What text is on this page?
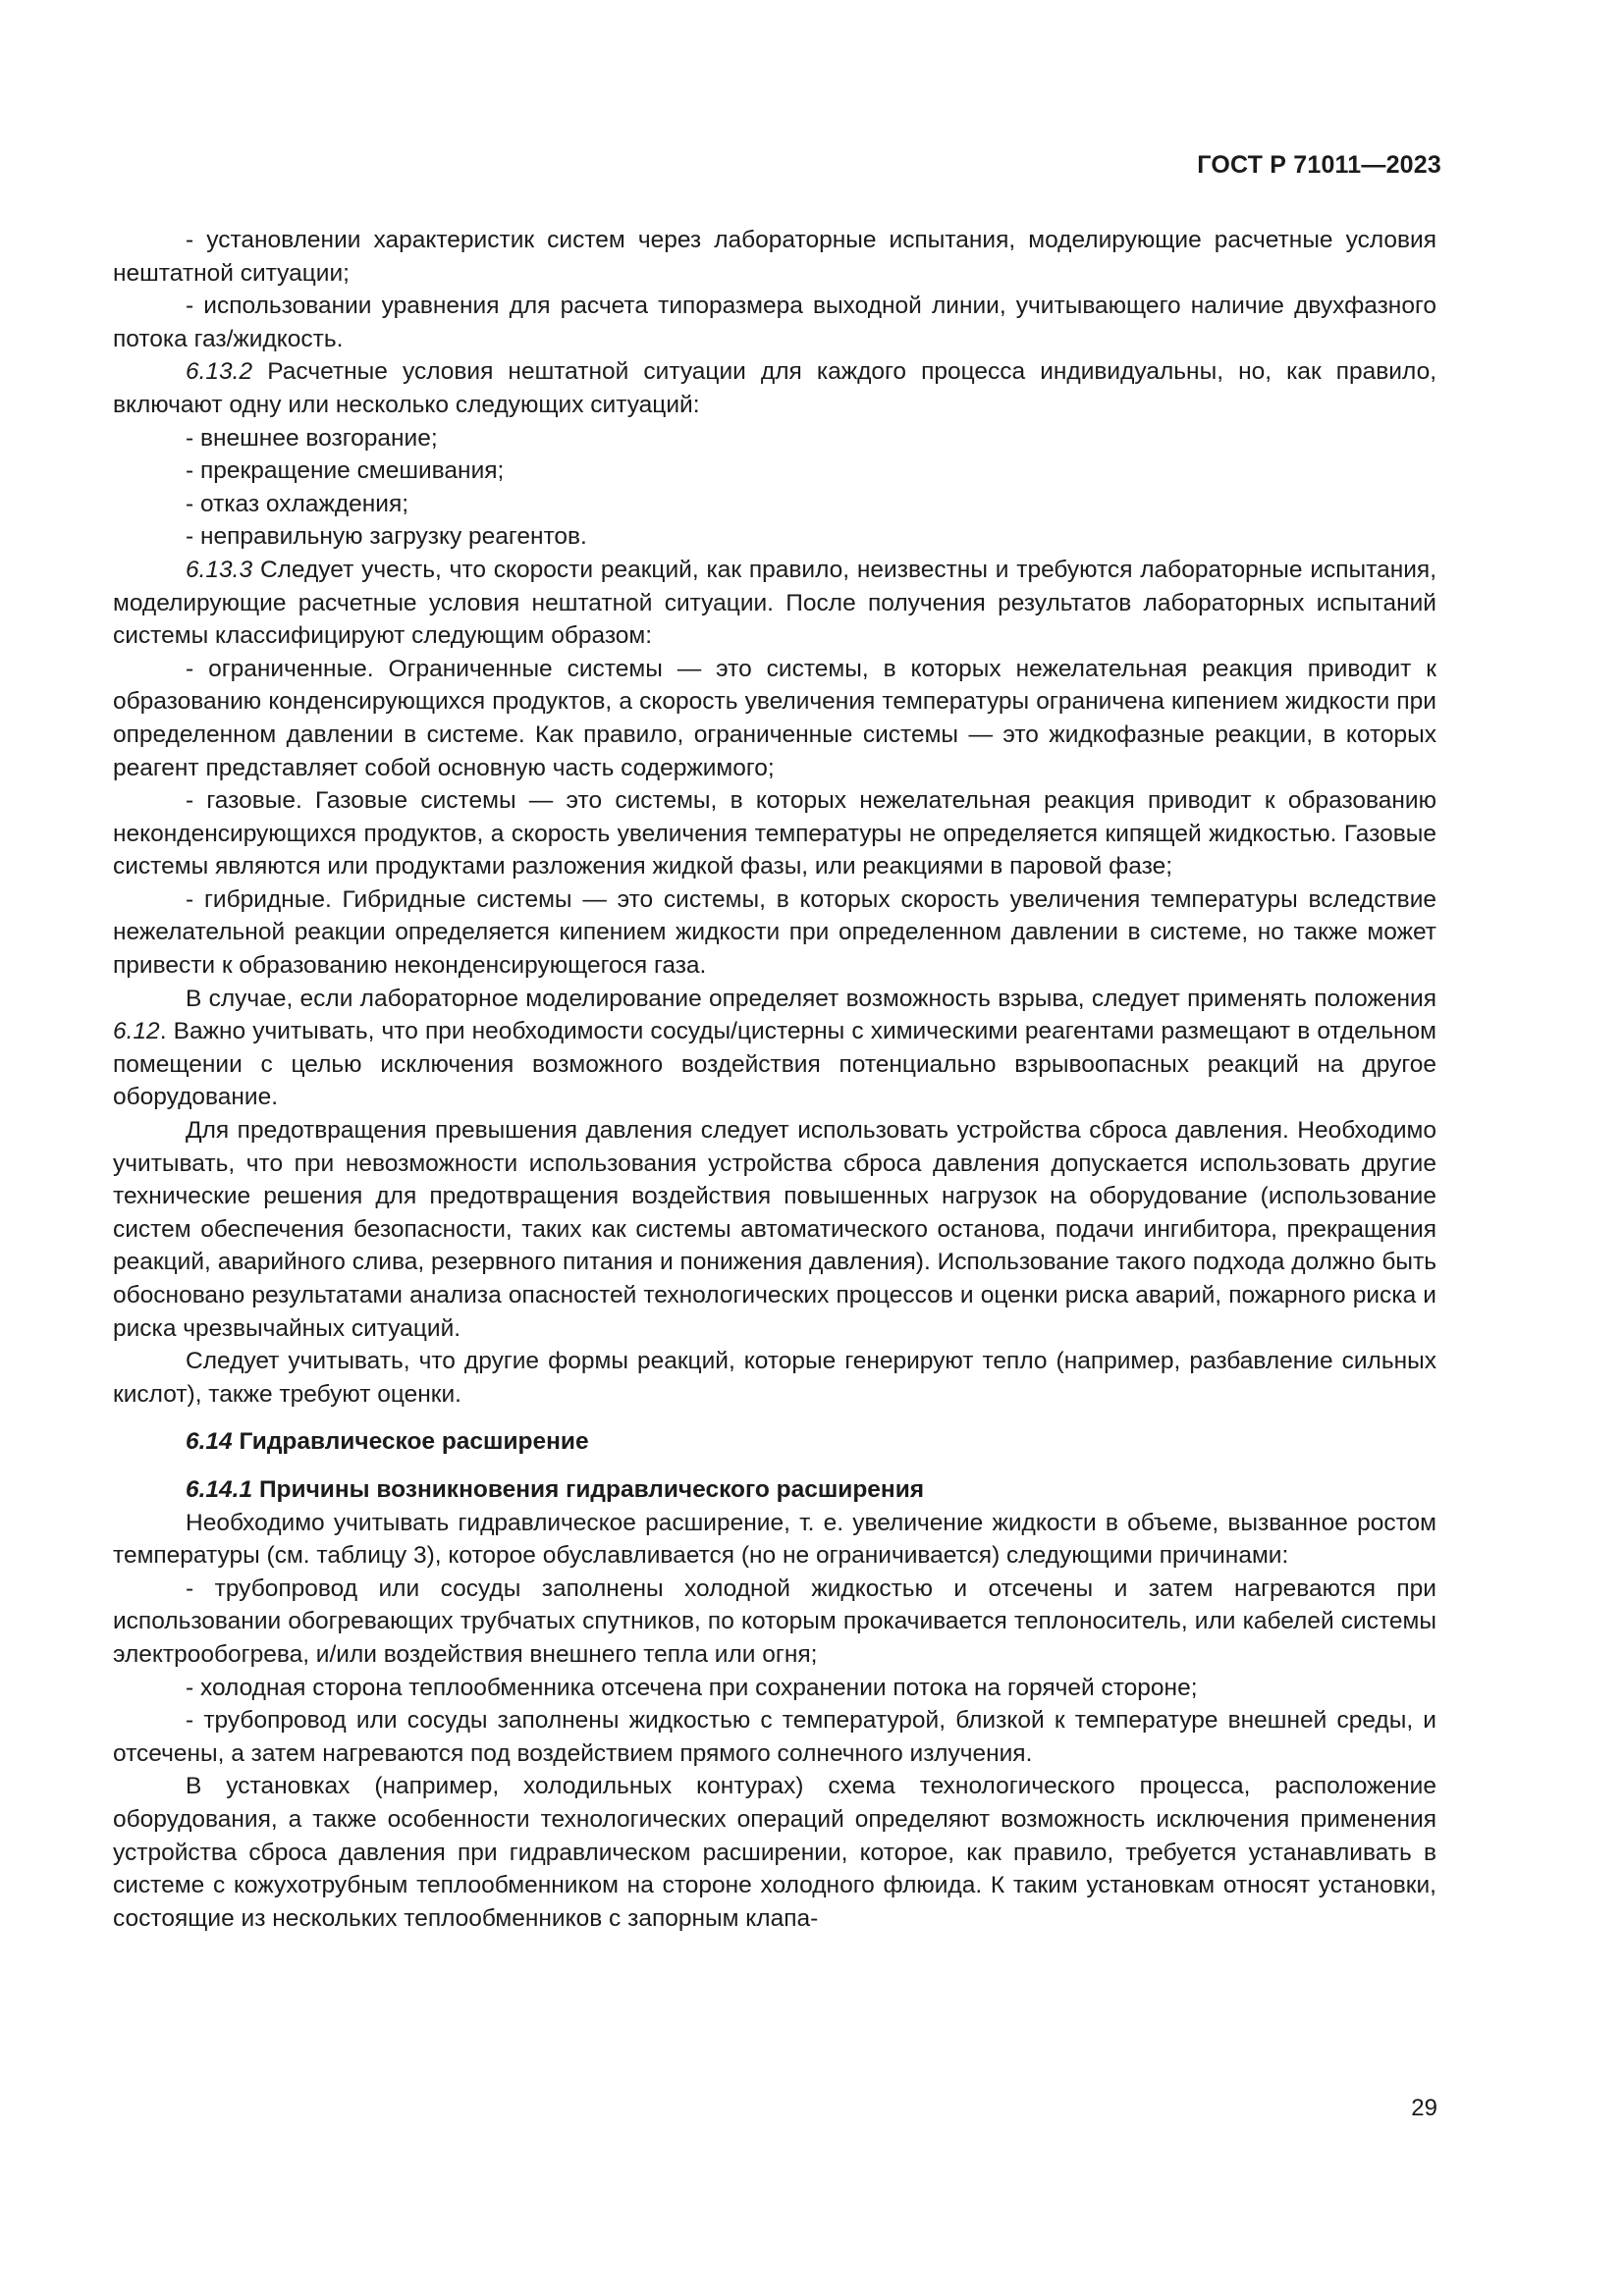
ГОСТ Р 71011—2023

- установлении характеристик систем через лабораторные испытания, моделирующие расчетные условия нештатной ситуации;

- использовании уравнения для расчета типоразмера выходной линии, учитывающего наличие двухфазного потока газ/жидкость.

6.13.2 Расчетные условия нештатной ситуации для каждого процесса индивидуальны, но, как правило, включают одну или несколько следующих ситуаций:

- внешнее возгорание;

- прекращение смешивания;

- отказ охлаждения;

- неправильную загрузку реагентов.

6.13.3 Следует учесть, что скорости реакций, как правило, неизвестны и требуются лабораторные испытания, моделирующие расчетные условия нештатной ситуации. После получения результатов лабораторных испытаний системы классифицируют следующим образом:

- ограниченные. Ограниченные системы — это системы, в которых нежелательная реакция приводит к образованию конденсирующихся продуктов, а скорость увеличения температуры ограничена кипением жидкости при определенном давлении в системе. Как правило, ограниченные системы — это жидкофазные реакции, в которых реагент представляет собой основную часть содержимого;

- газовые. Газовые системы — это системы, в которых нежелательная реакция приводит к образованию неконденсирующихся продуктов, а скорость увеличения температуры не определяется кипящей жидкостью. Газовые системы являются или продуктами разложения жидкой фазы, или реакциями в паровой фазе;

- гибридные. Гибридные системы — это системы, в которых скорость увеличения температуры вследствие нежелательной реакции определяется кипением жидкости при определенном давлении в системе, но также может привести к образованию неконденсирующегося газа.

В случае, если лабораторное моделирование определяет возможность взрыва, следует применять положения 6.12. Важно учитывать, что при необходимости сосуды/цистерны с химическими реагентами размещают в отдельном помещении с целью исключения возможного воздействия потенциально взрывоопасных реакций на другое оборудование.

Для предотвращения превышения давления следует использовать устройства сброса давления. Необходимо учитывать, что при невозможности использования устройства сброса давления допускается использовать другие технические решения для предотвращения воздействия повышенных нагрузок на оборудование (использование систем обеспечения безопасности, таких как системы автоматического останова, подачи ингибитора, прекращения реакций, аварийного слива, резервного питания и понижения давления). Использование такого подхода должно быть обосновано результатами анализа опасностей технологических процессов и оценки риска аварий, пожарного риска и риска чрезвычайных ситуаций.

Следует учитывать, что другие формы реакций, которые генерируют тепло (например, разбавление сильных кислот), также требуют оценки.

6.14 Гидравлическое расширение

6.14.1 Причины возникновения гидравлического расширения

Необходимо учитывать гидравлическое расширение, т. е. увеличение жидкости в объеме, вызванное ростом температуры (см. таблицу 3), которое обуславливается (но не ограничивается) следующими причинами:

- трубопровод или сосуды заполнены холодной жидкостью и отсечены и затем нагреваются при использовании обогревающих трубчатых спутников, по которым прокачивается теплоноситель, или кабелей системы электрообогрева, и/или воздействия внешнего тепла или огня;

- холодная сторона теплообменника отсечена при сохранении потока на горячей стороне;

- трубопровод или сосуды заполнены жидкостью с температурой, близкой к температуре внешней среды, и отсечены, а затем нагреваются под воздействием прямого солнечного излучения.

В установках (например, холодильных контурах) схема технологического процесса, расположение оборудования, а также особенности технологических операций определяют возможность исключения применения устройства сброса давления при гидравлическом расширении, которое, как правило, требуется устанавливать в системе с кожухотрубным теплообменником на стороне холодного флюида. К таким установкам относят установки, состоящие из нескольких теплообменников с запорным клапа-

29
